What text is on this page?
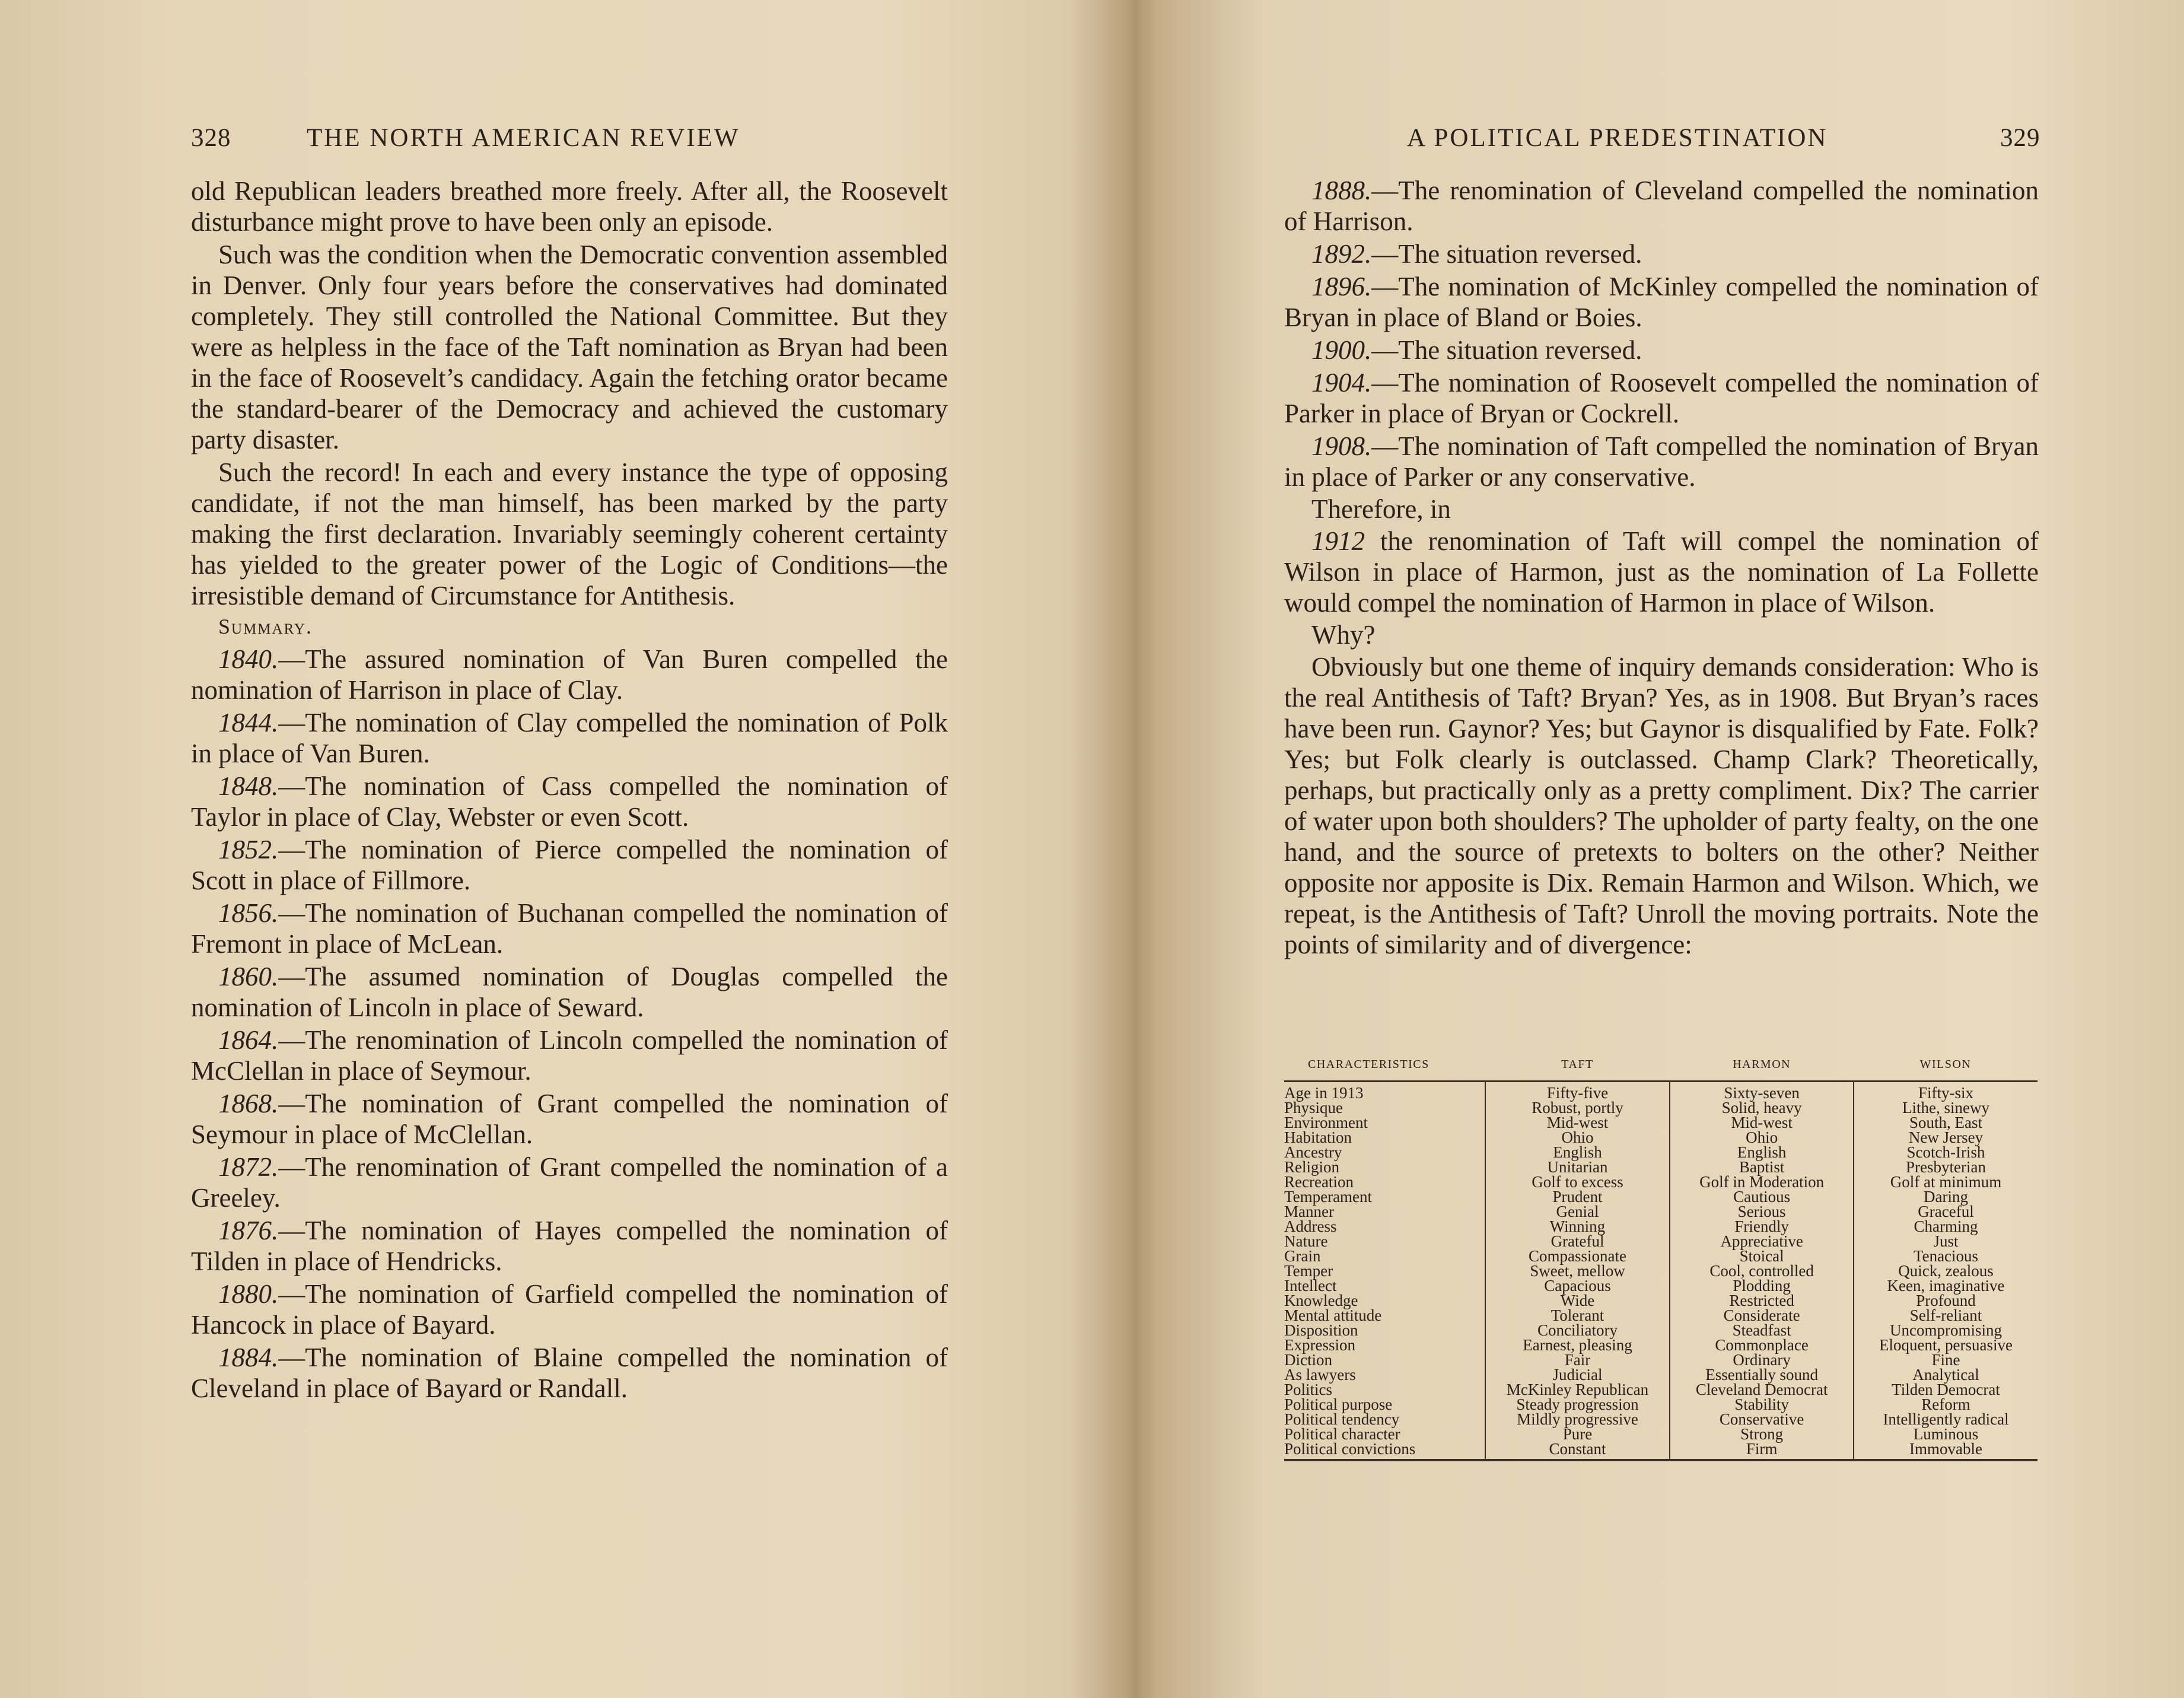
328	THE NORTH AMERICAN REVIEW

old Republican leaders breathed more freely. After all, the Roosevelt disturbance might prove to have been only an episode.

Such was the condition when the Democratic convention assembled in Denver. Only four years before the conservatives had dominated completely. They still controlled the National Committee. But they were as helpless in the face of the Taft nomination as Bryan had been in the face of Roosevelt’s candidacy. Again the fetching orator became the standard-bearer of the Democracy and achieved the customary party disaster.

Such the record! In each and every instance the type of opposing candidate, if not the man himself, has been marked by the party making the first declaration. Invariably seemingly coherent certainty has yielded to the greater power of the Logic of Conditions—the irresistible demand of Circumstance for Antithesis.

Summary.

1840.—The assured nomination of Van Buren compelled the nomination of Harrison in place of Clay.

1844.—The nomination of Clay compelled the nomination of Polk in place of Van Buren.

1848.—The nomination of Cass compelled the nomination of Taylor in place of Clay, Webster or even Scott.

1852.—The nomination of Pierce compelled the nomination of Scott in place of Fillmore.

1856.—The nomination of Buchanan compelled the nomination of Fremont in place of McLean.

1860.—The assumed nomination of Douglas compelled the nomination of Lincoln in place of Seward.

1864.—The renomination of Lincoln compelled the nomination of McClellan in place of Seymour.

1868.—The nomination of Grant compelled the nomination of Seymour in place of McClellan.

1872.—The renomination of Grant compelled the nomination of a Greeley.

1876.—The nomination of Hayes compelled the nomination of Tilden in place of Hendricks.

1880.—The nomination of Garfield compelled the nomination of Hancock in place of Bayard.

1884.—The nomination of Blaine compelled the nomination of Cleveland in place of Bayard or Randall.

A POLITICAL PREDESTINATION	329

1888.—The renomination of Cleveland compelled the nomination of Harrison.

1892.—The situation reversed.

1896.—The nomination of McKinley compelled the nomination of Bryan in place of Bland or Boies.

1900.—The situation reversed.

1904.—The nomination of Roosevelt compelled the nomination of Parker in place of Bryan or Cockrell.

1908.—The nomination of Taft compelled the nomination of Bryan in place of Parker or any conservative.

Therefore, in

1912 the renomination of Taft will compel the nomination of Wilson in place of Harmon, just as the nomination of La Follette would compel the nomination of Harmon in place of Wilson.

Why?

Obviously but one theme of inquiry demands consideration: Who is the real Antithesis of Taft? Bryan? Yes, as in 1908. But Bryan’s races have been run. Gaynor? Yes; but Gaynor is disqualified by Fate. Folk? Yes; but Folk clearly is outclassed. Champ Clark? Theoretically, perhaps, but practically only as a pretty compliment. Dix? The carrier of water upon both shoulders? The upholder of party fealty, on the one hand, and the source of pretexts to bolters on the other? Neither opposite nor apposite is Dix. Remain Harmon and Wilson. Which, we repeat, is the Antithesis of Taft? Unroll the moving portraits. Note the points of similarity and of divergence:

CHARACTERISTICS	TAFT	HARMON	WILSON
Age in 1913	Fifty-five	Sixty-seven	Fifty-six
Physique	Robust, portly	Solid, heavy	Lithe, sinewy
Environment	Mid-west	Mid-west	South, East
Habitation	Ohio	Ohio	New Jersey
Ancestry	English	English	Scotch-Irish
Religion	Unitarian	Baptist	Presbyterian
Recreation	Golf to excess	Golf in Moderation	Golf at minimum
Temperament	Prudent	Cautious	Daring
Manner	Genial	Serious	Graceful
Address	Winning	Friendly	Charming
Nature	Grateful	Appreciative	Just
Grain	Compassionate	Stoical	Tenacious
Temper	Sweet, mellow	Cool, controlled	Quick, zealous
Intellect	Capacious	Plodding	Keen, imaginative
Knowledge	Wide	Restricted	Profound
Mental attitude	Tolerant	Considerate	Self-reliant
Disposition	Conciliatory	Steadfast	Uncompromising
Expression	Earnest, pleasing	Commonplace	Eloquent, persuasive
Diction	Fair	Ordinary	Fine
As lawyers	Judicial	Essentially sound	Analytical
Politics	McKinley Republican	Cleveland Democrat	Tilden Democrat
Political purpose	Steady progression	Stability	Reform
Political tendency	Mildly progressive	Conservative	Intelligently radical
Political character	Pure	Strong	Luminous
Political convictions	Constant	Firm	Immovable
